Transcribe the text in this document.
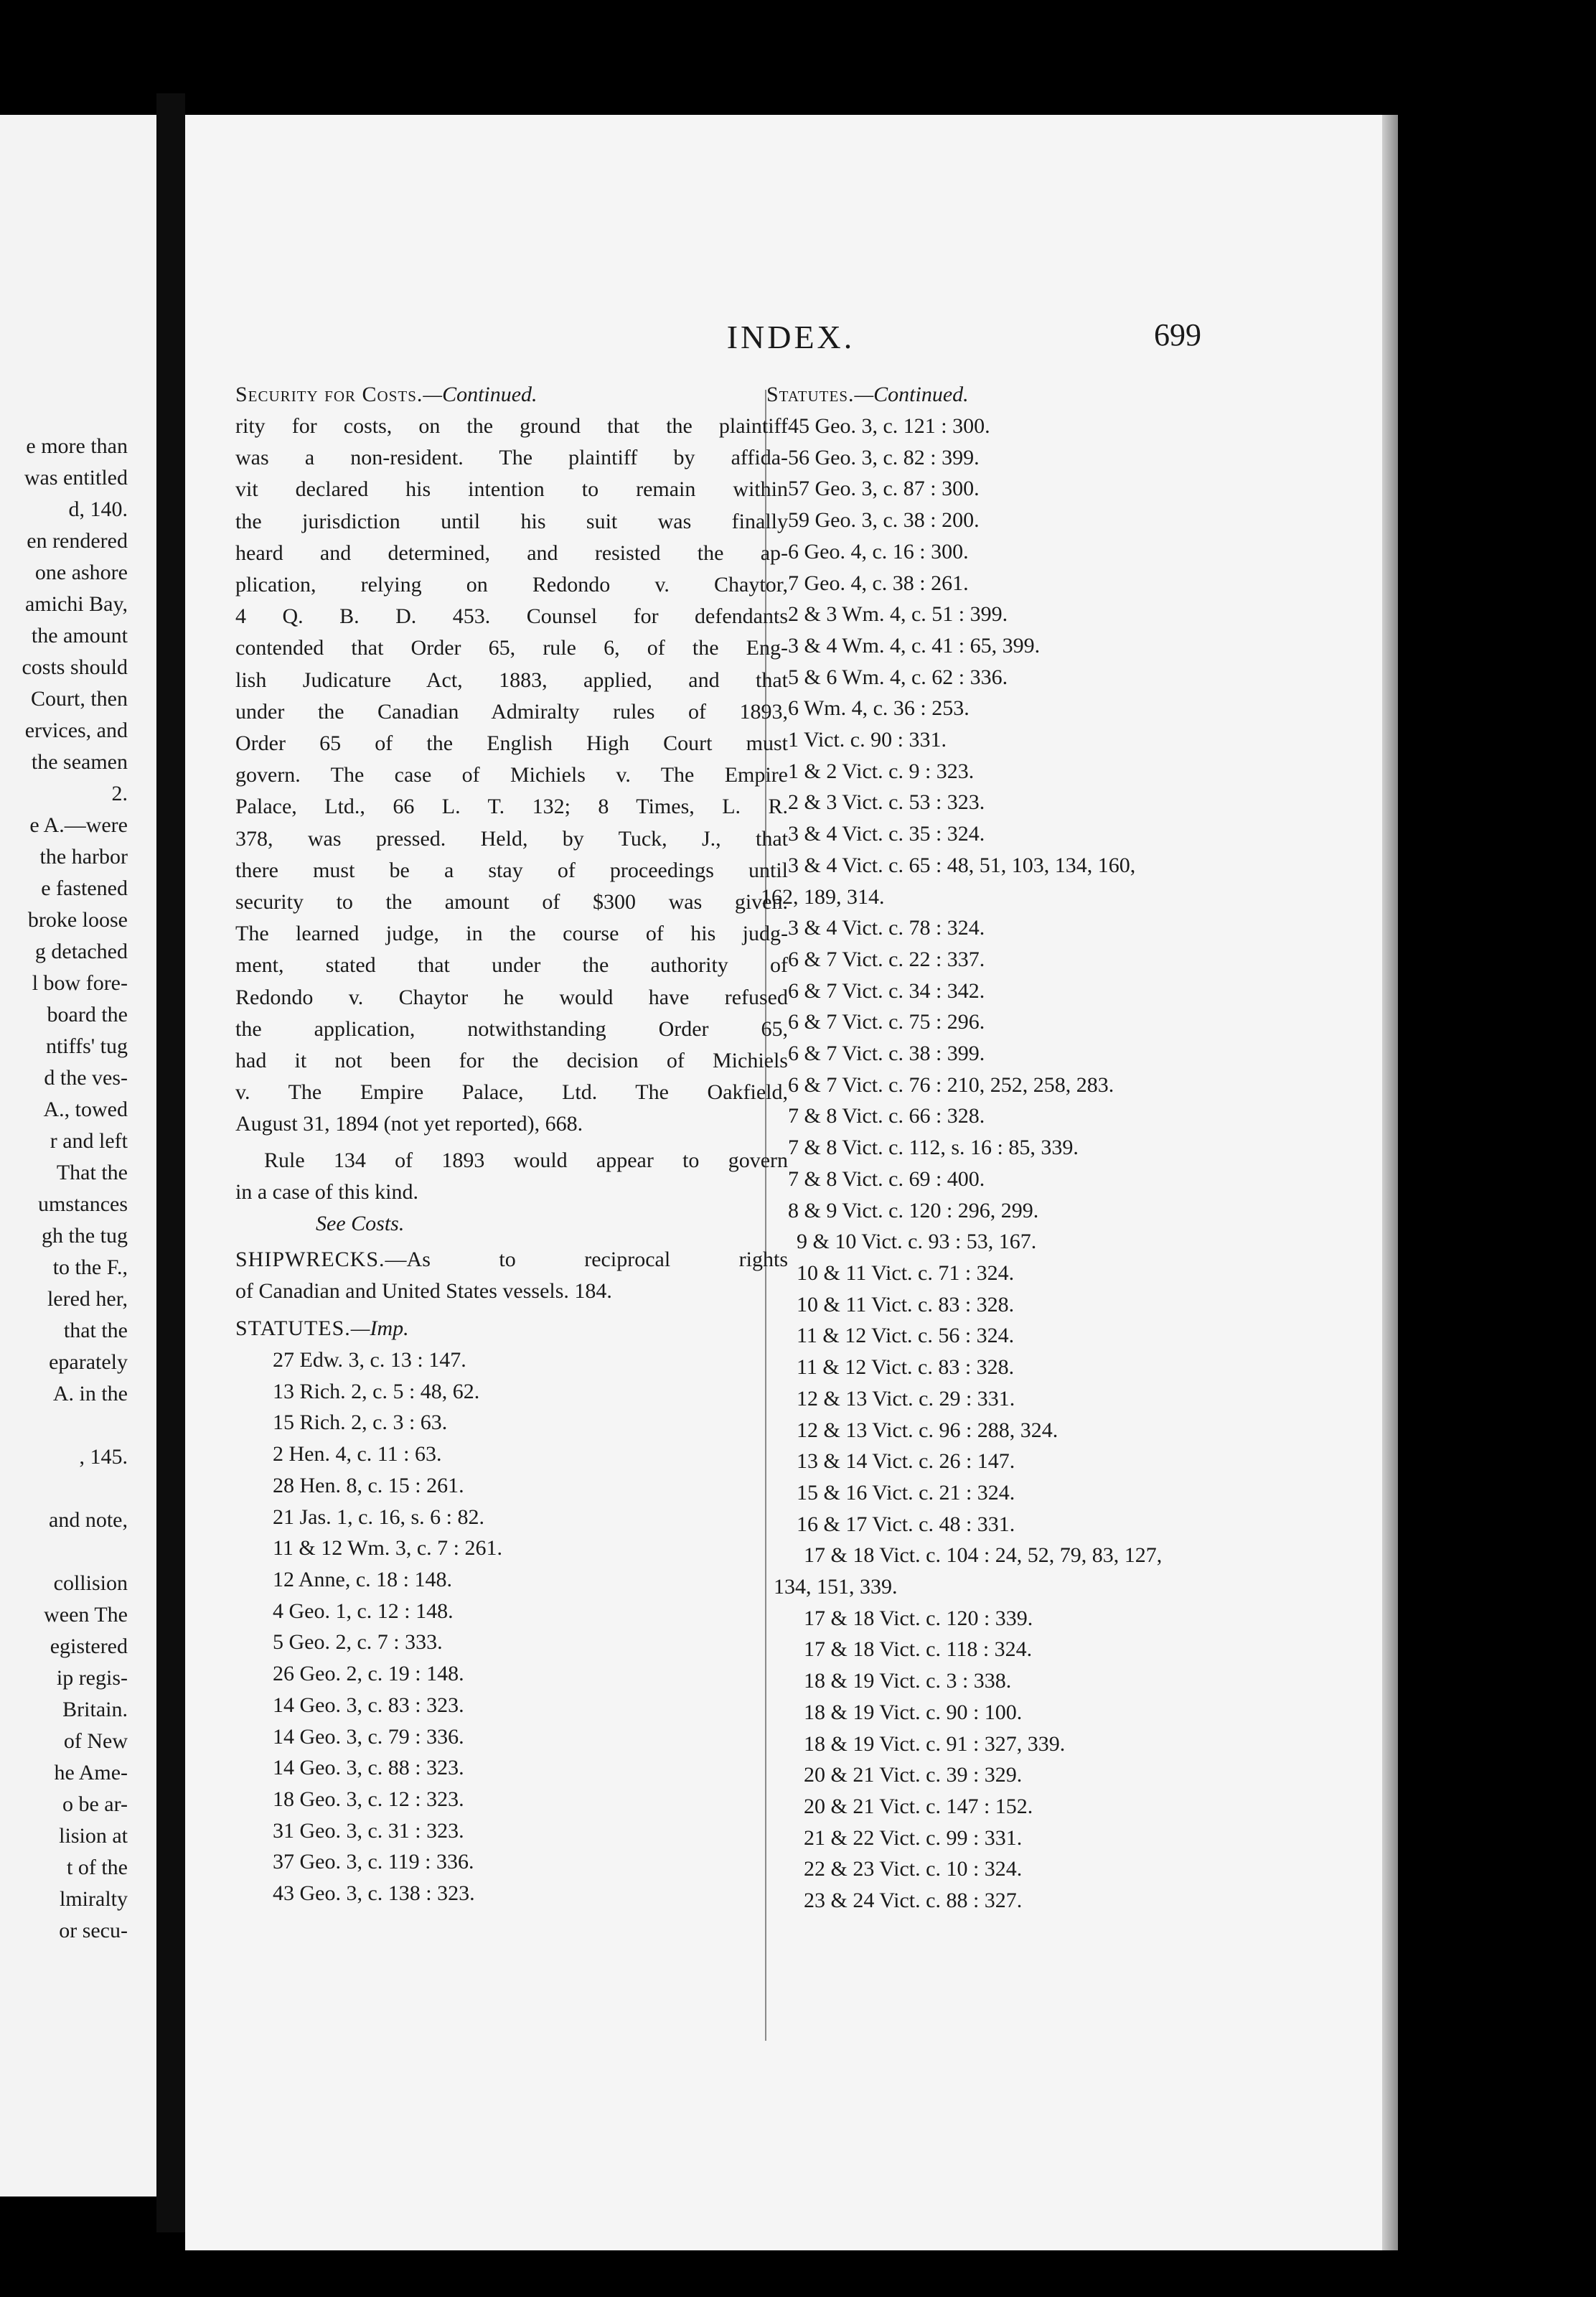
e more than
was entitled
d, 140.
en rendered
one ashore
amichi Bay,
the amount
costs should
Court, then
ervices, and
the seamen
2.
e A.—were
the harbor
e fastened
broke loose
g detached
l bow fore-
board the
ntiffs' tug
d the ves-
A., towed
r and left
That the
umstances
gh the tug
to the F.,
lered her,
that the
eparately
A. in the

, 145.

and note,

collision
ween The
egistered
ip regis-
Britain.
of New
he Ame-
o be ar-
lision at
t of the
lmiralty
or secu-
INDEX.	699

Security for Costs.—Continued.

rity for costs, on the ground that the plaintiff
was a non-resident. The plaintiff by affida-
vit declared his intention to remain within
the jurisdiction until his suit was finally
heard and determined, and resisted the ap-
plication, relying on Redondo v. Chaytor,
4 Q. B. D. 453. Counsel for defendants
contended that Order 65, rule 6, of the Eng-
lish Judicature Act, 1883, applied, and that
under the Canadian Admiralty rules of 1893,
Order 65 of the English High Court must
govern. The case of Michiels v. The Empire
Palace, Ltd., 66 L. T. 132; 8 Times, L. R.
378, was pressed. Held, by Tuck, J., that
there must be a stay of proceedings until
security to the amount of $300 was given.
The learned judge, in the course of his judg-
ment, stated that under the authority of
Redondo v. Chaytor he would have refused
the application, notwithstanding Order 65,
had it not been for the decision of Michiels
v. The Empire Palace, Ltd. The Oakfield,
August 31, 1894 (not yet reported), 668.
Rule 134 of 1893 would appear to govern
in a case of this kind.
See Costs.
SHIPWRECKS.—As to reciprocal rights
of Canadian and United States vessels. 184.
STATUTES.—Imp.
27 Edw. 3, c. 13 : 147.
13 Rich. 2, c. 5 : 48, 62.
15 Rich. 2, c. 3 : 63.
2 Hen. 4, c. 11 : 63.
28 Hen. 8, c. 15 : 261.
21 Jas. 1, c. 16, s. 6 : 82.
11 & 12 Wm. 3, c. 7 : 261.
12 Anne, c. 18 : 148.
4 Geo. 1, c. 12 : 148.
5 Geo. 2, c. 7 : 333.
26 Geo. 2, c. 19 : 148.
14 Geo. 3, c. 83 : 323.
14 Geo. 3, c. 79 : 336.
14 Geo. 3, c. 88 : 323.
18 Geo. 3, c. 12 : 323.
31 Geo. 3, c. 31 : 323.
37 Geo. 3, c. 119 : 336.
43 Geo. 3, c. 138 : 323.

Statutes.—Continued.

45 Geo. 3, c. 121 : 300.
56 Geo. 3, c. 82 : 399.
57 Geo. 3, c. 87 : 300.
59 Geo. 3, c. 38 : 200.
6 Geo. 4, c. 16 : 300.
7 Geo. 4, c. 38 : 261.
2 & 3 Wm. 4, c. 51 : 399.
3 & 4 Wm. 4, c. 41 : 65, 399.
5 & 6 Wm. 4, c. 62 : 336.
6 Wm. 4, c. 36 : 253.
1 Vict. c. 90 : 331.
1 & 2 Vict. c. 9 : 323.
2 & 3 Vict. c. 53 : 323.
3 & 4 Vict. c. 35 : 324.
3 & 4 Vict. c. 65 : 48, 51, 103, 134, 160,
162, 189, 314.
3 & 4 Vict. c. 78 : 324.
6 & 7 Vict. c. 22 : 337.
6 & 7 Vict. c. 34 : 342.
6 & 7 Vict. c. 75 : 296.
6 & 7 Vict. c. 38 : 399.
6 & 7 Vict. c. 76 : 210, 252, 258, 283.
7 & 8 Vict. c. 66 : 328.
7 & 8 Vict. c. 112, s. 16 : 85, 339.
7 & 8 Vict. c. 69 : 400.
8 & 9 Vict. c. 120 : 296, 299.
9 & 10 Vict. c. 93 : 53, 167.
10 & 11 Vict. c. 71 : 324.
10 & 11 Vict. c. 83 : 328.
11 & 12 Vict. c. 56 : 324.
11 & 12 Vict. c. 83 : 328.
12 & 13 Vict. c. 29 : 331.
12 & 13 Vict. c. 96 : 288, 324.
13 & 14 Vict. c. 26 : 147.
15 & 16 Vict. c. 21 : 324.
16 & 17 Vict. c. 48 : 331.
17 & 18 Vict. c. 104 : 24, 52, 79, 83, 127,
134, 151, 339.
17 & 18 Vict. c. 120 : 339.
17 & 18 Vict. c. 118 : 324.
18 & 19 Vict. c. 3 : 338.
18 & 19 Vict. c. 90 : 100.
18 & 19 Vict. c. 91 : 327, 339.
20 & 21 Vict. c. 39 : 329.
20 & 21 Vict. c. 147 : 152.
21 & 22 Vict. c. 99 : 331.
22 & 23 Vict. c. 10 : 324.
23 & 24 Vict. c. 88 : 327.
